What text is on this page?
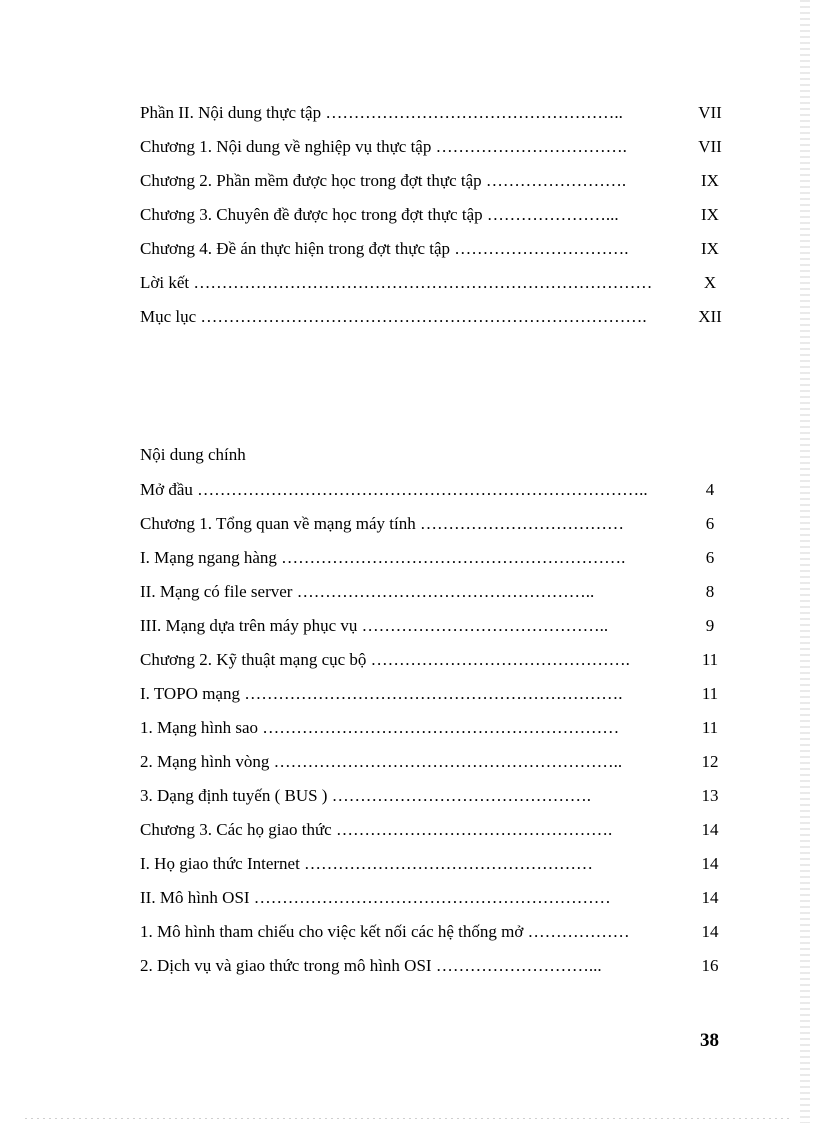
Phần II. Nội dung thực tập ……………………………………………..	VII
Chương 1. Nội dung về nghiệp vụ thực tập …………………………….	VII
Chương 2. Phần mềm được học trong đợt thực tập …………………….	IX
Chương 3. Chuyên đề được học trong đợt thực tập …………………...	IX
Chương 4. Đề án thực hiện trong đợt thực tập ………………………….	IX
Lời kết ………………………………………………………………………	X
Mục lục …………………………………………………………………….	XII
Nội dung chính
Mở đầu ……………………………………………………………………..	4
Chương 1. Tổng quan về mạng máy tính ………………………………	6
I. Mạng ngang hàng …………………………………………………….	6
II. Mạng có file server ……………………………………………..	8
III. Mạng dựa trên máy phục vụ ……………………………………..	9
Chương 2. Kỹ thuật mạng cục bộ ……………………………………….	11
I. TOPO mạng ………………………………………………………….	11
1. Mạng hình sao ………………………………………………………	11
2. Mạng hình vòng ……………………………………………………..	12
3. Dạng định tuyến ( BUS ) ……………………………………….	13
Chương 3. Các họ giao thức ………………………………………….	14
I. Họ giao thức Internet ……………………………………………	14
II. Mô hình OSI ………………………………………………………	14
1. Mô hình tham chiếu cho việc kết nối các hệ thống mở ………………	14
2. Dịch vụ và giao thức trong mô hình OSI ………………………...	16
38
